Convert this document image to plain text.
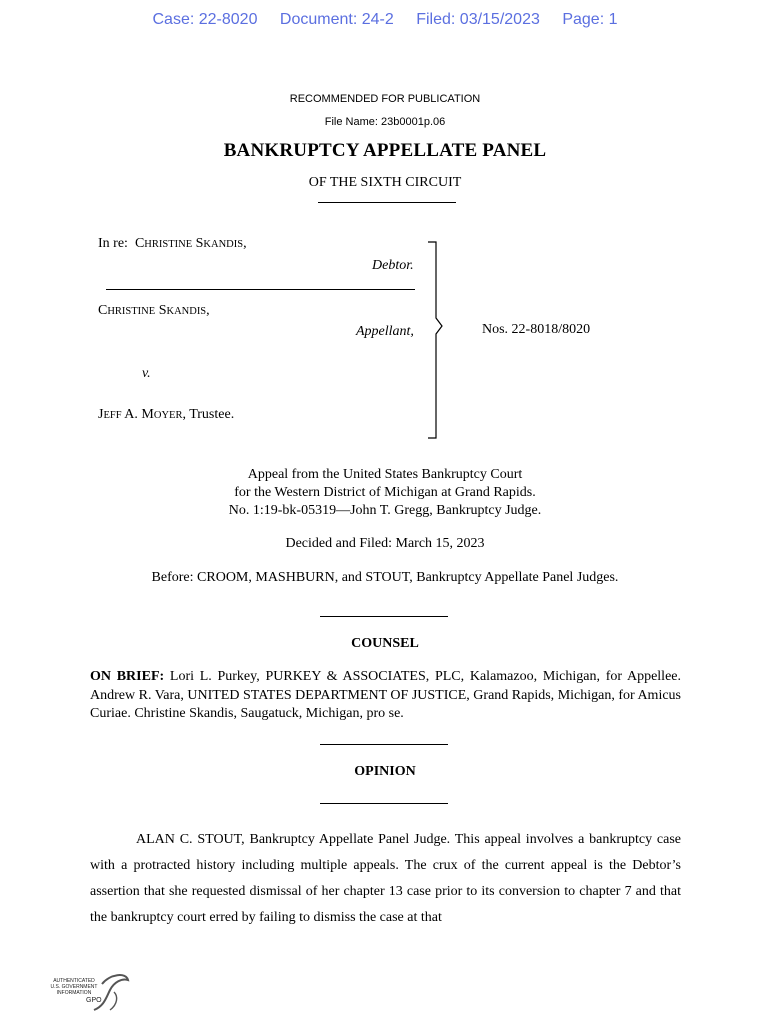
Case: 22-8020 Document: 24-2 Filed: 03/15/2023 Page: 1
RECOMMENDED FOR PUBLICATION
File Name: 23b0001p.06
BANKRUPTCY APPELLATE PANEL
OF THE SIXTH CIRCUIT
In re: CHRISTINE SKANDIS,
Debtor.
CHRISTINE SKANDIS,
Appellant,
v.
JEFF A. MOYER, Trustee.
Nos. 22-8018/8020
Appeal from the United States Bankruptcy Court
for the Western District of Michigan at Grand Rapids.
No. 1:19-bk-05319—John T. Gregg, Bankruptcy Judge.
Decided and Filed: March 15, 2023
Before: CROOM, MASHBURN, and STOUT, Bankruptcy Appellate Panel Judges.
COUNSEL
ON BRIEF: Lori L. Purkey, PURKEY & ASSOCIATES, PLC, Kalamazoo, Michigan, for Appellee. Andrew R. Vara, UNITED STATES DEPARTMENT OF JUSTICE, Grand Rapids, Michigan, for Amicus Curiae. Christine Skandis, Saugatuck, Michigan, pro se.
OPINION
ALAN C. STOUT, Bankruptcy Appellate Panel Judge. This appeal involves a bankruptcy case with a protracted history including multiple appeals. The crux of the current appeal is the Debtor’s assertion that she requested dismissal of her chapter 13 case prior to its conversion to chapter 7 and that the bankruptcy court erred by failing to dismiss the case at that
AUTHENTICATED
U.S. GOVERNMENT
INFORMATION
GPO
